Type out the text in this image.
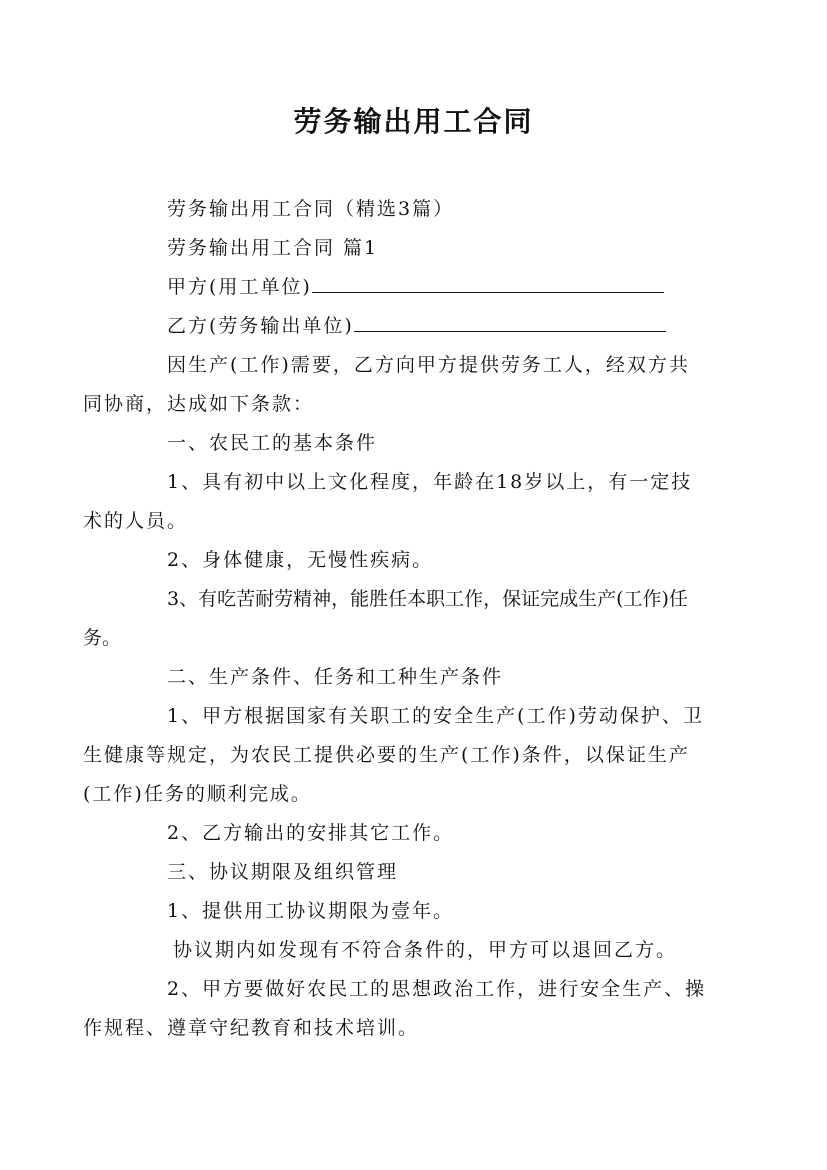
劳务输出用工合同

劳务输出用工合同（精选3篇）

劳务输出用工合同 篇1

甲方(用工单位)

乙方(劳务输出单位)

因生产(工作)需要，乙方向甲方提供劳务工人，经双方共同协商，达成如下条款：

一、农民工的基本条件

1、具有初中以上文化程度，年龄在18岁以上，有一定技术的人员。

2、身体健康，无慢性疾病。

3、有吃苦耐劳精神，能胜任本职工作，保证完成生产(工作)任务。

二、生产条件、任务和工种生产条件

1、甲方根据国家有关职工的安全生产(工作)劳动保护、卫生健康等规定，为农民工提供必要的生产(工作)条件，以保证生产(工作)任务的顺利完成。

2、乙方输出的安排其它工作。

三、协议期限及组织管理

1、提供用工协议期限为壹年。

协议期内如发现有不符合条件的，甲方可以退回乙方。

2、甲方要做好农民工的思想政治工作，进行安全生产、操作规程、遵章守纪教育和技术培训。
